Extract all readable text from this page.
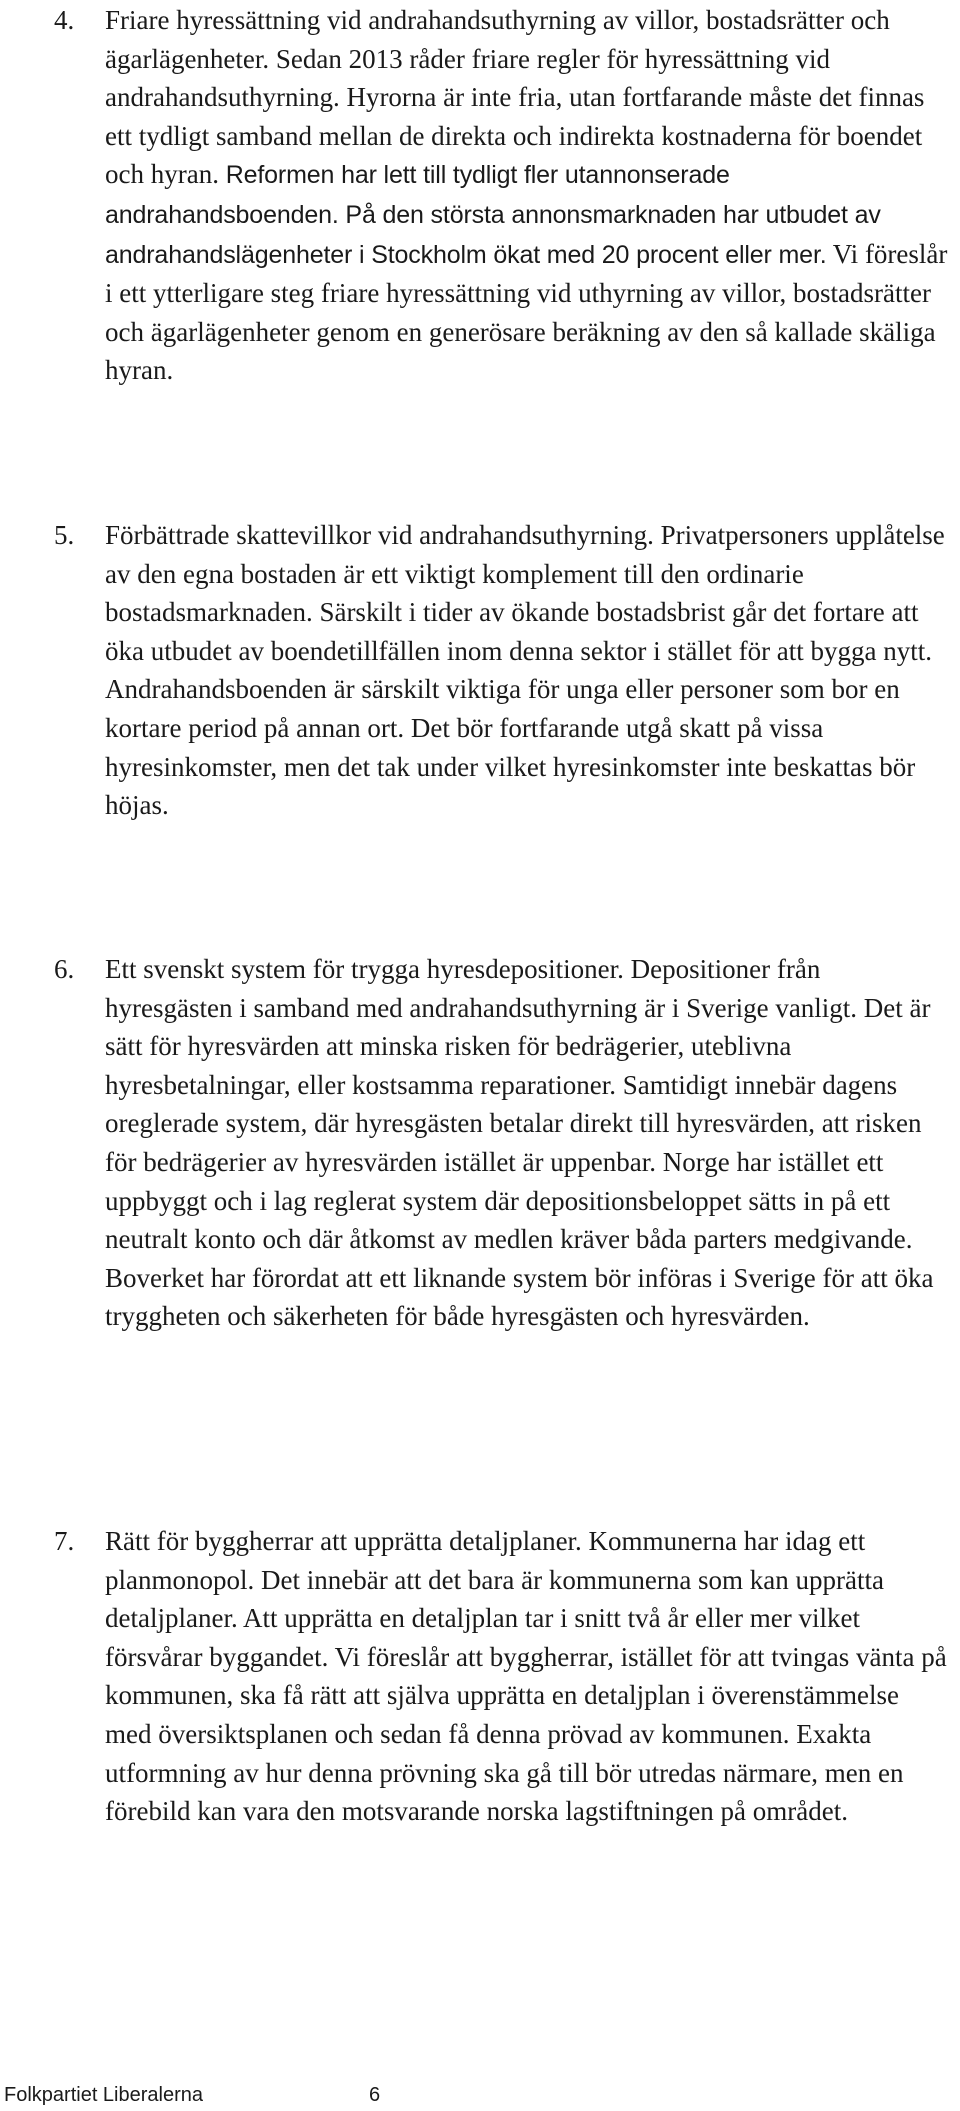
4. Friare hyressättning vid andrahandsuthyrning av villor, bostadsrätter och ägarlägenheter. Sedan 2013 råder friare regler för hyressättning vid andrahandsuthyrning. Hyrorna är inte fria, utan fortfarande måste det finnas ett tydligt samband mellan de direkta och indirekta kostnaderna för boendet och hyran. Reformen har lett till tydligt fler utannonserade andrahandsboenden. På den största annonsmarknaden har utbudet av andrahandslägenheter i Stockholm ökat med 20 procent eller mer. Vi föreslår i ett ytterligare steg friare hyressättning vid uthyrning av villor, bostadsrätter och ägarlägenheter genom en generösare beräkning av den så kallade skäliga hyran.
5. Förbättrade skattevillkor vid andrahandsuthyrning. Privatpersoners upplåtelse av den egna bostaden är ett viktigt komplement till den ordinarie bostadsmarknaden. Särskilt i tider av ökande bostadsbrist går det fortare att öka utbudet av boendetillfällen inom denna sektor i stället för att bygga nytt. Andrahandsboenden är särskilt viktiga för unga eller personer som bor en kortare period på annan ort. Det bör fortfarande utgå skatt på vissa hyresinkomster, men det tak under vilket hyresinkomster inte beskattas bör höjas.
6. Ett svenskt system för trygga hyresdepositioner. Depositioner från hyresgästen i samband med andrahandsuthyrning är i Sverige vanligt. Det är sätt för hyresvärden att minska risken för bedrägerier, uteblivna hyresbetalningar, eller kostsamma reparationer. Samtidigt innebär dagens oreglerade system, där hyresgästen betalar direkt till hyresvärden, att risken för bedrägerier av hyresvärden istället är uppenbar. Norge har istället ett uppbyggt och i lag reglerat system där depositionsbeloppet sätts in på ett neutralt konto och där åtkomst av medlen kräver båda parters medgivande. Boverket har förordat att ett liknande system bör införas i Sverige för att öka tryggheten och säkerheten för både hyresgästen och hyresvärden.
7. Rätt för byggherrar att upprätta detaljplaner. Kommunerna har idag ett planmonopol. Det innebär att det bara är kommunerna som kan upprätta detaljplaner. Att upprätta en detaljplan tar i snitt två år eller mer vilket försvårar byggandet. Vi föreslår att byggherrar, istället för att tvingas vänta på kommunen, ska få rätt att själva upprätta en detaljplan i överenstämmelse med översiktsplanen och sedan få denna prövad av kommunen. Exakta utformning av hur denna prövning ska gå till bör utredas närmare, men en förebild kan vara den motsvarande norska lagstiftningen på området.
Folkpartiet Liberalerna	6
